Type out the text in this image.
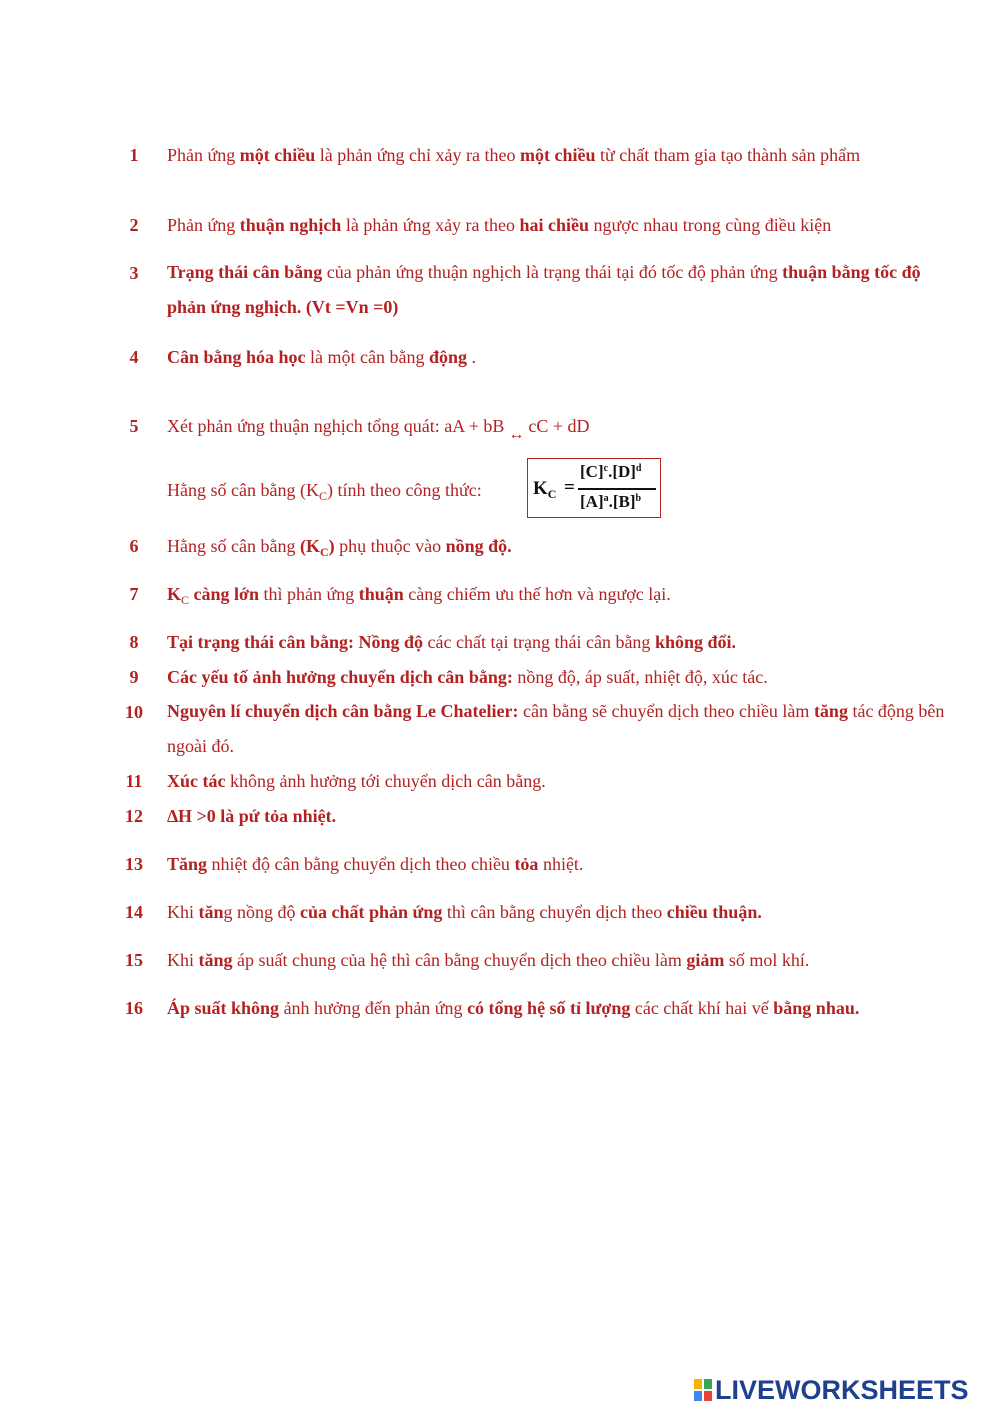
1	Phản ứng một chiều là phản ứng chỉ xảy ra theo một chiều từ chất tham gia tạo thành sản phẩm
2	Phản ứng thuận nghịch là phản ứng xảy ra theo hai chiều ngược nhau trong cùng điều kiện
3	Trạng thái cân bằng của phản ứng thuận nghịch là trạng thái tại đó tốc độ phản ứng thuận bằng tốc độ phản ứng nghịch. (Vt =Vn =0)
4	Cân bằng hóa học là một cân bằng động .
5	Xét phản ứng thuận nghịch tổng quát: aA + bB ↔ cC + dD
Hằng số cân bằng $(K_C)$ tính theo công thức:	$K_C$ =
$[C]^c.[D]^d$
$[A]^a.[B]^b$
6	Hằng số cân bằng $(K_C)$ phụ thuộc vào nồng độ.
7	$K_C$ càng lớn thì phản ứng thuận càng chiếm ưu thế hơn và ngược lại.
8	Tại trạng thái cân bằng: Nồng độ các chất tại trạng thái cân bằng không đổi.
9	Các yếu tố ảnh hưởng chuyển dịch cân bằng: nồng độ, áp suất, nhiệt độ, xúc tác.
10	Nguyên lí chuyển dịch cân bằng Le Chatelier: cân bằng sẽ chuyển dịch theo chiều làm tăng tác động bên ngoài đó.
11	Xúc tác không ảnh hưởng tới chuyển dịch cân bằng.
12	∆H >0 là pứ tỏa nhiệt.
13	Tăng nhiệt độ cân bằng chuyển dịch theo chiều tỏa nhiệt.
14	Khi tăng nồng độ của chất phản ứng thì cân bằng chuyển dịch theo chiều thuận.
15	Khi tăng áp suất chung của hệ thì cân bằng chuyển dịch theo chiều làm giảm số mol khí.
16	Áp suất không ảnh hưởng đến phản ứng có tổng hệ số tỉ lượng các chất khí hai vế bằng nhau.
LIVEWORKSHEETS
